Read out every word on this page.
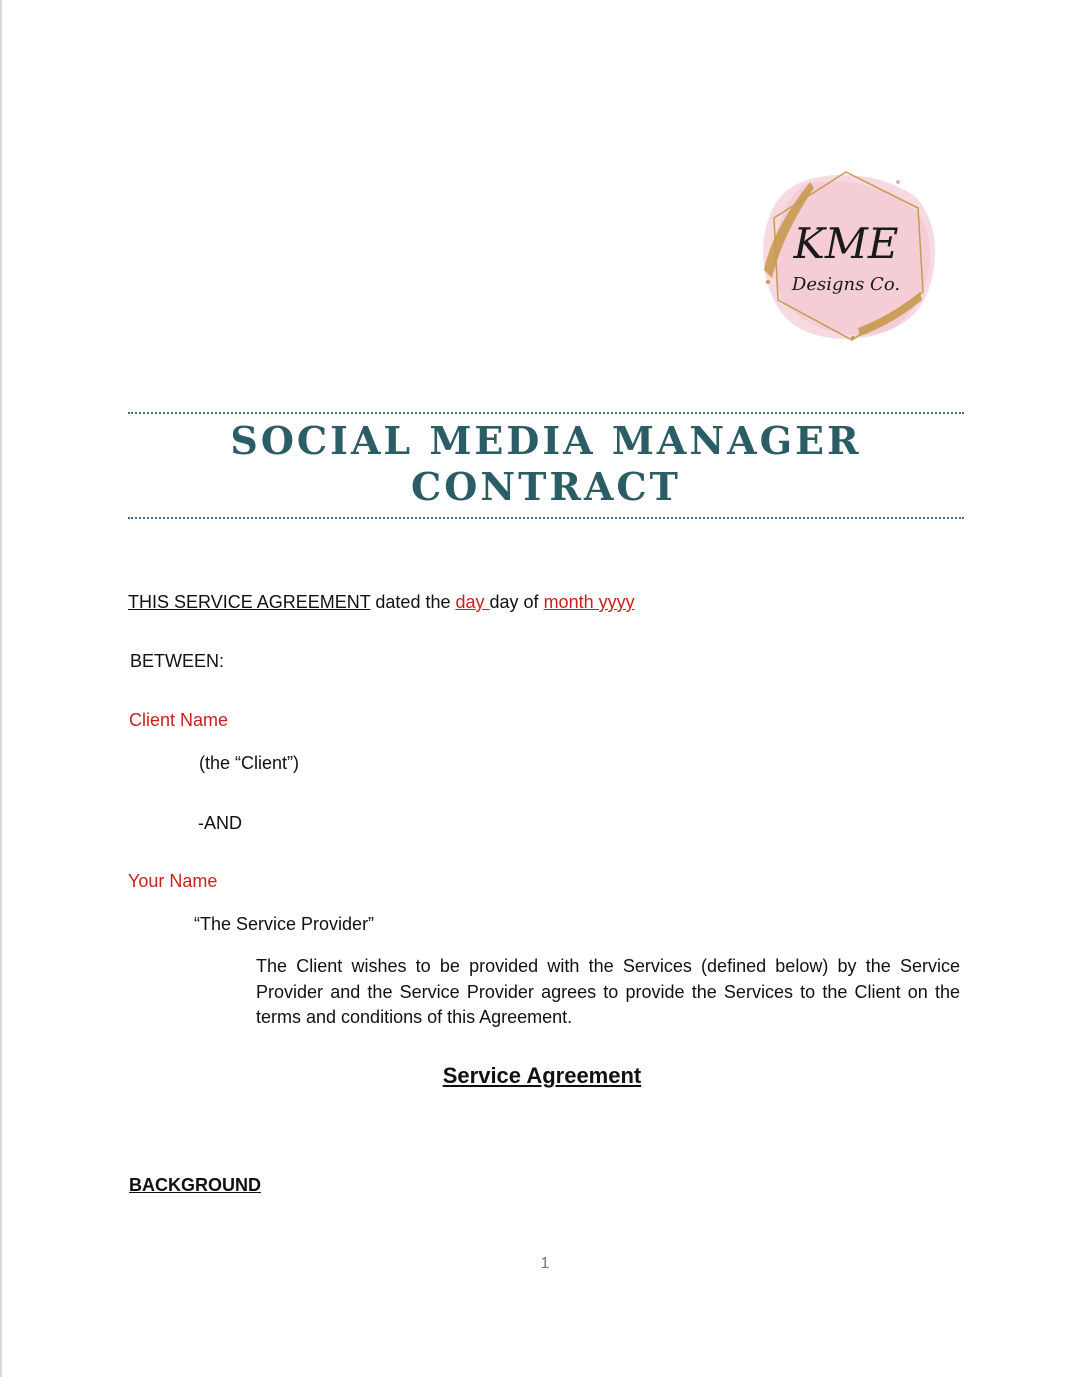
KME
Designs Co.
SOCIAL MEDIA MANAGER
CONTRACT
THIS SERVICE AGREEMENT dated the day day of month yyyy
BETWEEN:
Client Name
(the “Client”)
-AND
Your Name
“The Service Provider”
The Client wishes to be provided with the Services (defined below) by the Service Provider and the Service Provider agrees to provide the Services to the Client on the terms and conditions of this Agreement.
Service Agreement
BACKGROUND
1
